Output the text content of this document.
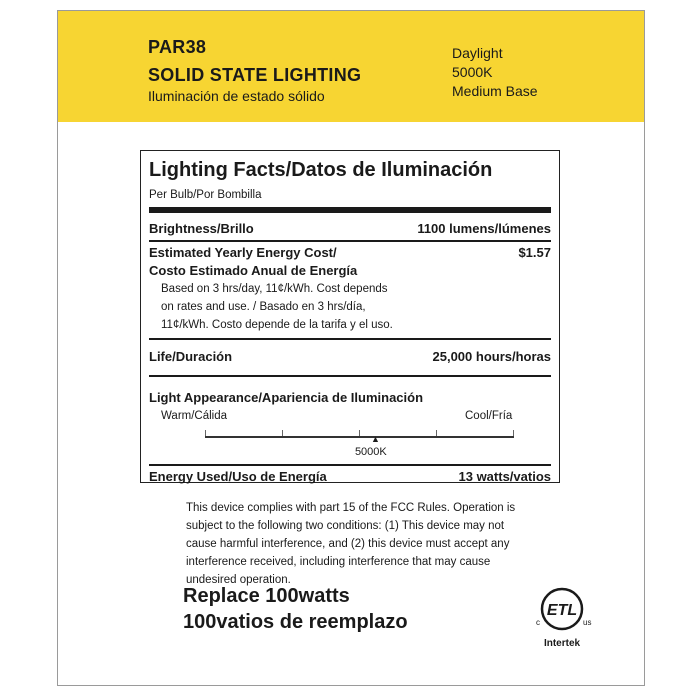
PAR38
SOLID STATE LIGHTING
Iluminación de estado sólido
Daylight
5000K
Medium Base
Lighting Facts/Datos de Iluminación
Per Bulb/Por Bombilla
Brightness/Brillo	1100 lumens/lúmenes
Estimated Yearly Energy Cost/	$1.57
Costo Estimado Anual de Energía
Based on 3 hrs/day, 11¢/kWh. Cost depends
on rates and use. / Basado en 3 hrs/día,
11¢/kWh. Costo depende de la tarifa y el uso.
Life/Duración	25,000 hours/horas
Light Appearance/Apariencia de Iluminación
Warm/Cálida	Cool/Fría
▲
5000K
Energy Used/Uso de Energía	13 watts/vatios
This device complies with part 15 of the FCC Rules. Operation is
subject to the following two conditions: (1) This device may not
cause harmful interference, and (2) this device must accept any
interference received, including interference that may cause
undesired operation.
Replace 100watts
100vatios de reemplazo
ETL
c	us
Intertek
